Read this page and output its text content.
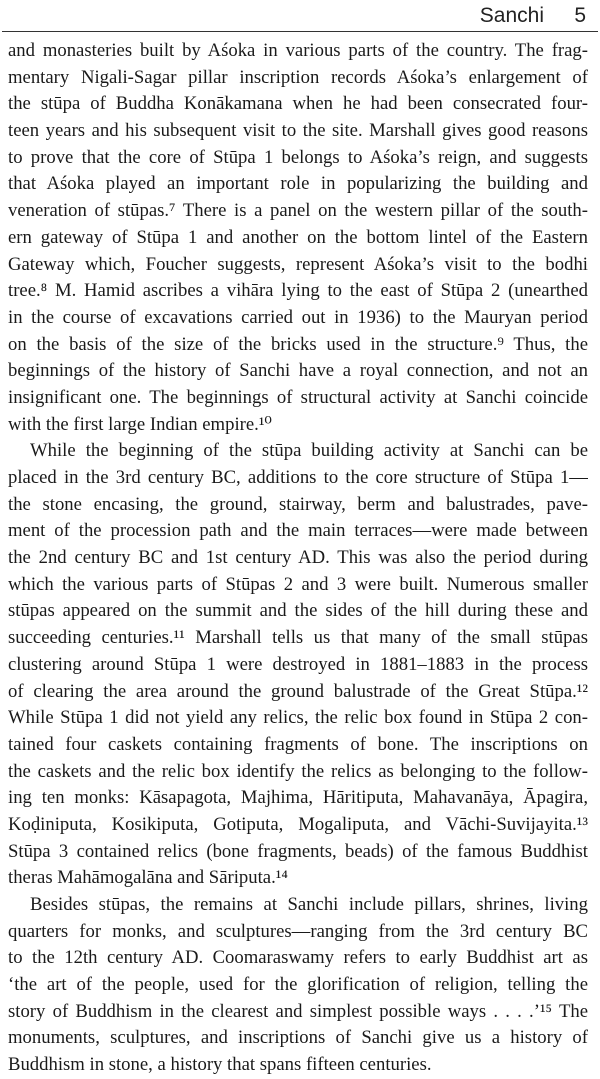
Sanchi 5
and monasteries built by Aśoka in various parts of the country. The frag-
mentary Nigali-Sagar pillar inscription records Aśoka’s enlargement of
the stūpa of Buddha Konākamana when he had been consecrated four-
teen years and his subsequent visit to the site. Marshall gives good reasons
to prove that the core of Stūpa 1 belongs to Aśoka’s reign, and suggests
that Aśoka played an important role in popularizing the building and
veneration of stūpas.⁷ There is a panel on the western pillar of the south-
ern gateway of Stūpa 1 and another on the bottom lintel of the Eastern
Gateway which, Foucher suggests, represent Aśoka’s visit to the bodhi
tree.⁸ M. Hamid ascribes a vihāra lying to the east of Stūpa 2 (unearthed
in the course of excavations carried out in 1936) to the Mauryan period
on the basis of the size of the bricks used in the structure.⁹ Thus, the
beginnings of the history of Sanchi have a royal connection, and not an
insignificant one. The beginnings of structural activity at Sanchi coincide
with the first large Indian empire.¹⁰
While the beginning of the stūpa building activity at Sanchi can be
placed in the 3rd century BC, additions to the core structure of Stūpa 1—
the stone encasing, the ground, stairway, berm and balustrades, pave-
ment of the procession path and the main terraces—were made between
the 2nd century BC and 1st century AD. This was also the period during
which the various parts of Stūpas 2 and 3 were built. Numerous smaller
stūpas appeared on the summit and the sides of the hill during these and
succeeding centuries.¹¹ Marshall tells us that many of the small stūpas
clustering around Stūpa 1 were destroyed in 1881–1883 in the process
of clearing the area around the ground balustrade of the Great Stūpa.¹²
While Stūpa 1 did not yield any relics, the relic box found in Stūpa 2 con-
tained four caskets containing fragments of bone. The inscriptions on
the caskets and the relic box identify the relics as belonging to the follow-
ing ten monks: Kāsapagota, Majhima, Hāritiputa, Mahavanāya, Āpagira,
Koḍiniputa, Kosikiputa, Gotiputa, Mogaliputa, and Vāchi-Suvijayita.¹³
Stūpa 3 contained relics (bone fragments, beads) of the famous Buddhist
theras Mahāmogalāna and Sāriputa.¹⁴
Besides stūpas, the remains at Sanchi include pillars, shrines, living
quarters for monks, and sculptures—ranging from the 3rd century BC
to the 12th century AD. Coomaraswamy refers to early Buddhist art as
‘the art of the people, used for the glorification of religion, telling the
story of Buddhism in the clearest and simplest possible ways . . . .’¹⁵ The
monuments, sculptures, and inscriptions of Sanchi give us a history of
Buddhism in stone, a history that spans fifteen centuries.
